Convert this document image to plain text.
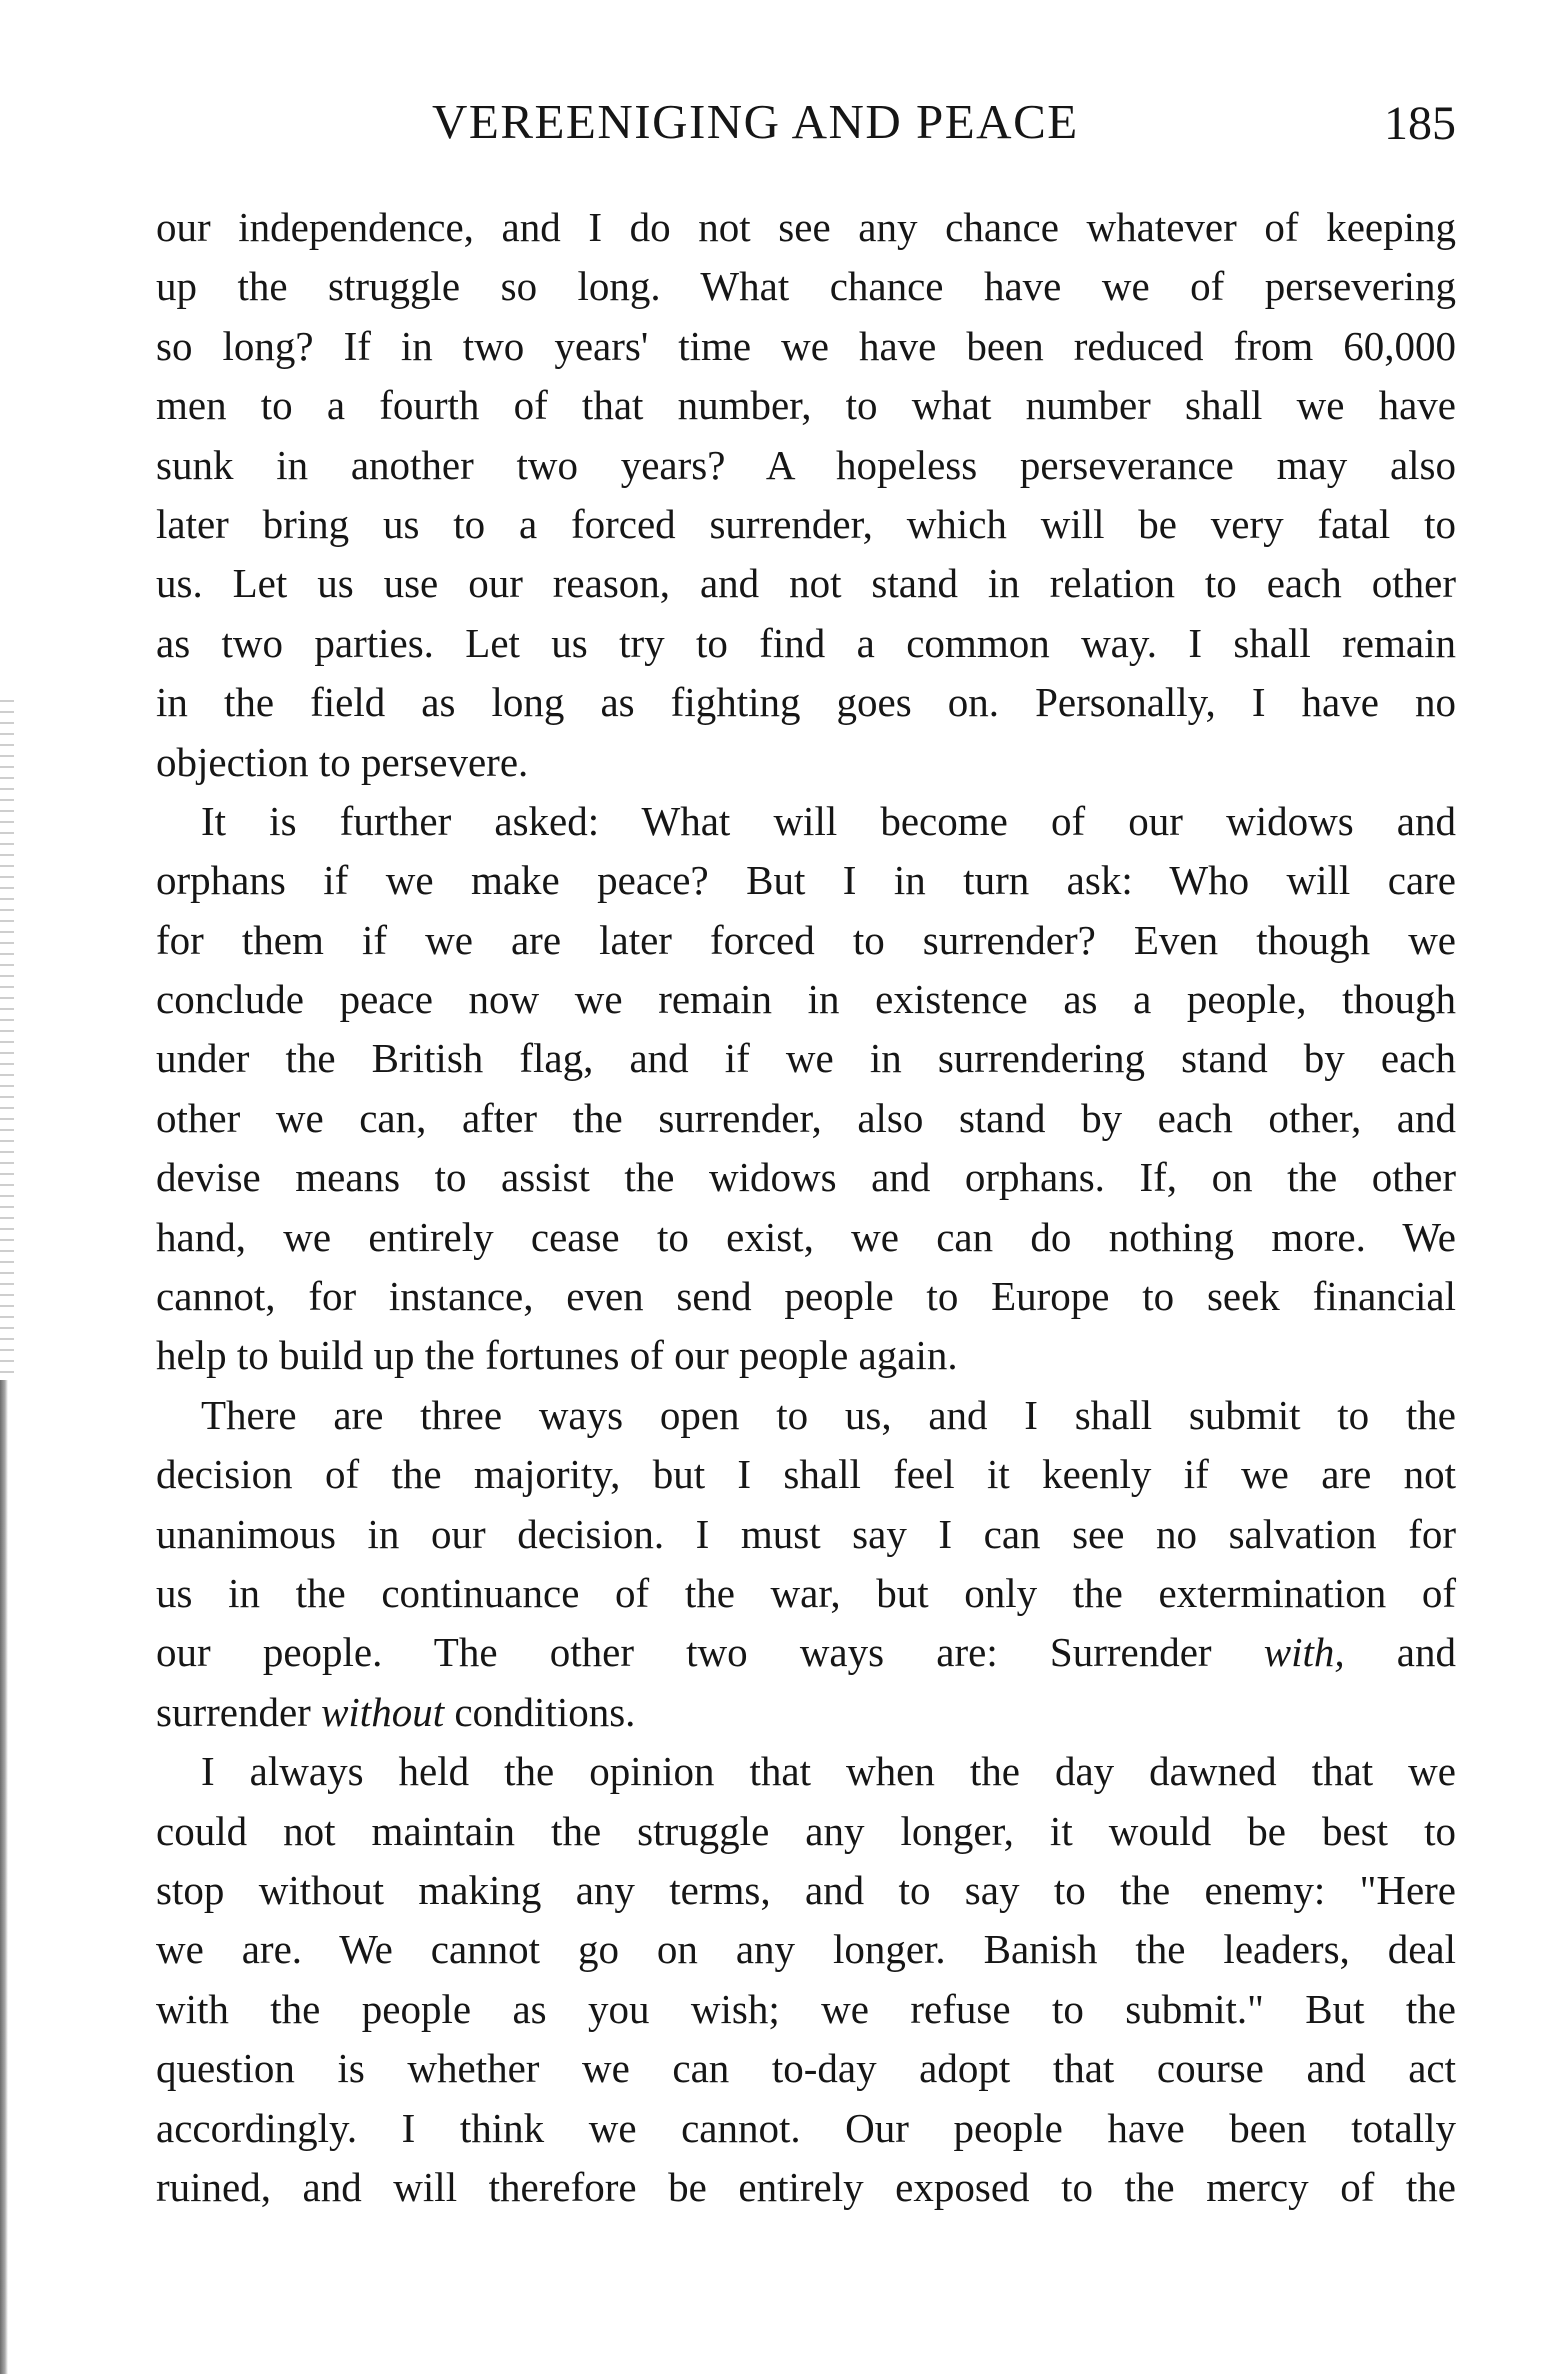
VEREENIGING AND PEACE	185
our independence, and I do not see any chance whatever of keeping
up the struggle so long. What chance have we of persevering
so long? If in two years' time we have been reduced from 60,000
men to a fourth of that number, to what number shall we have
sunk in another two years? A hopeless perseverance may also
later bring us to a forced surrender, which will be very fatal to
us. Let us use our reason, and not stand in relation to each other
as two parties. Let us try to find a common way. I shall remain
in the field as long as fighting goes on. Personally, I have no
objection to persevere.
It is further asked: What will become of our widows and
orphans if we make peace? But I in turn ask: Who will care
for them if we are later forced to surrender? Even though we
conclude peace now we remain in existence as a people, though
under the British flag, and if we in surrendering stand by each
other we can, after the surrender, also stand by each other, and
devise means to assist the widows and orphans. If, on the other
hand, we entirely cease to exist, we can do nothing more. We
cannot, for instance, even send people to Europe to seek financial
help to build up the fortunes of our people again.
There are three ways open to us, and I shall submit to the
decision of the majority, but I shall feel it keenly if we are not
unanimous in our decision. I must say I can see no salvation for
us in the continuance of the war, but only the extermination of
our people. The other two ways are: Surrender with, and
surrender without conditions.
I always held the opinion that when the day dawned that we
could not maintain the struggle any longer, it would be best to
stop without making any terms, and to say to the enemy: "Here
we are. We cannot go on any longer. Banish the leaders, deal
with the people as you wish; we refuse to submit." But the
question is whether we can to-day adopt that course and act
accordingly. I think we cannot. Our people have been totally
ruined, and will therefore be entirely exposed to the mercy of the
